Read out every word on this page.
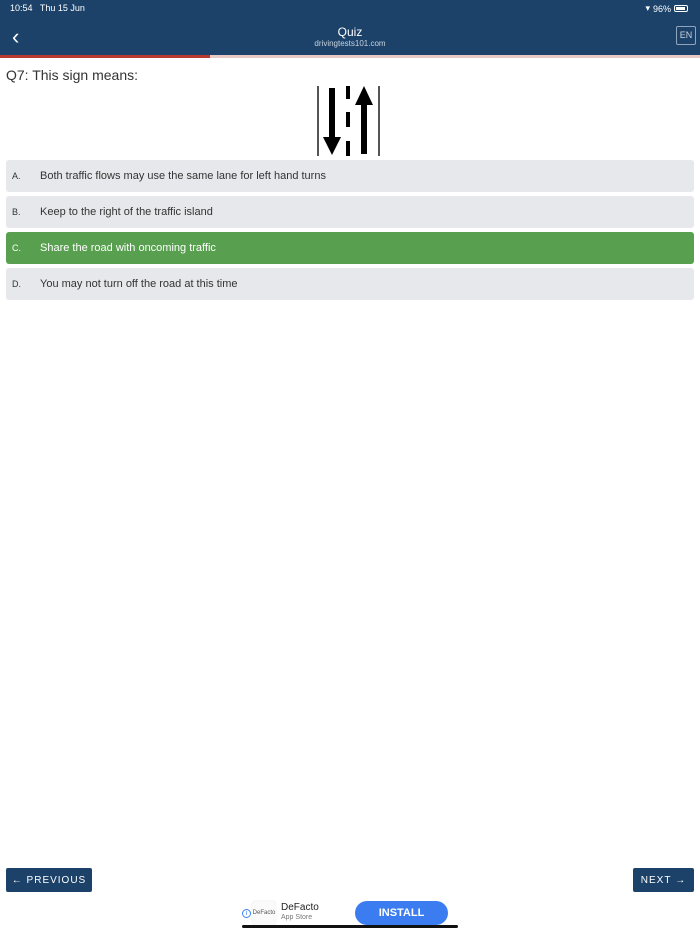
10:54 Thu 15 Jun	▾ 96%
‹	Quiz
drivingtests101.com
EN
Q7: This sign means:
A.	Both traffic flows may use the same lane for left hand turns
B.	Keep to the right of the traffic island
C.	Share the road with oncoming traffic
D.	You may not turn off the road at this time
← PREVIOUS	NEXT →
i DeFacto DeFacto
App Store	INSTALL
